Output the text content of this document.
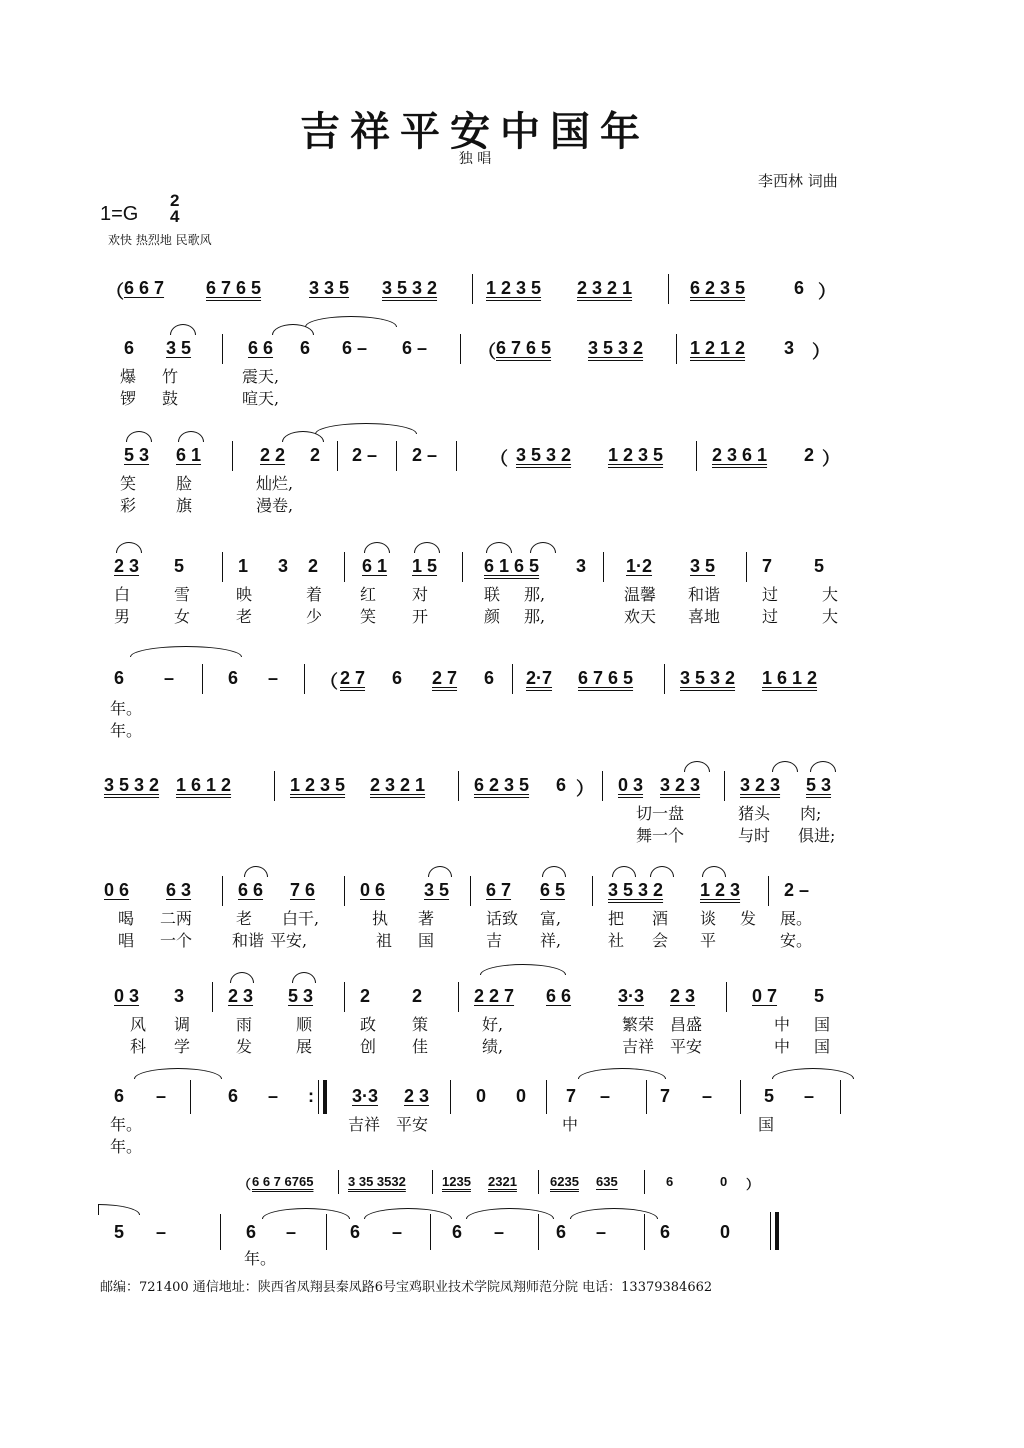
吉祥平安中国年
独 唱
李西林 词曲
1=G
2
4
欢快 热烈地 民歌风
（ 6 6 7 6 7 6 5	3 3 5 3 5 3 2	1 2 3 5 2 3 2 1	6 2 3 5	6 ）
6 3 5	6 6 6 6 – 6 –	（ 6 7 6 5 3 5 3 2	1 2 1 2 3 ）
爆 竹	震天,
锣 鼓	喧天,
5 3 6 1	2 2 2 2 – 2 –	（ 3 5 3 2 1 2 3 5	2 3 6 1 2 ）
笑 脸	灿烂,
彩 旗	漫卷,
2 3 5	1 3 2 6 1 1 5	6 1 6 5 3 1·2 3 5	7 5
白	雪	映	着 红 对	联 那,	温馨 和谐	过	大
男	女	老	少 笑 开	颜 那,	欢天 喜地	过	大
6 –	6 – （ 2 7 6 2 7 6 2·7 6 7 6 5	3 5 3 2 1 6 1 2
年。
年。
3 5 3 2 1 6 1 2	1 2 3 5 2 3 2 1	6 2 3 5 6 ） 0 3 3 2 3 3 2 3 5 3
切一盘	猪头 肉;
舞一个	与时 俱进;
0 6 6 3	6 6 7 6 0 6 3 5 6 7 6 5 3 5 3 2 1 2 3 2 –
喝 二两	老 白干,	执 著	话致 富,	把 酒 谈 发 展。
唱 一个 和谐 平安,	祖 国	吉 祥,	社 会 平	安。
0 3 3 2 3 5 3	2 2	2 2 7 6 6	3·3 2 3	0 7 5
风 调	雨	顺	政 策	好,	繁荣 昌盛	中 国
科 学	发	展	创 佳	绩,	吉祥 平安	中 国
6 –	6 – : 3·3 2 3	0 0 7 –	7 –	5 –
年。	吉祥 平安	中	国
年。
（ 6 6 7 6765	3 35 3532	1235 2321	6235 635	6	0 ）
5 –	6 –	6 –	6 –	6 –	6	0
年。
邮编：721400 通信地址：陕西省凤翔县秦凤路6号宝鸡职业技术学院凤翔师范分院 电话：13379384662
